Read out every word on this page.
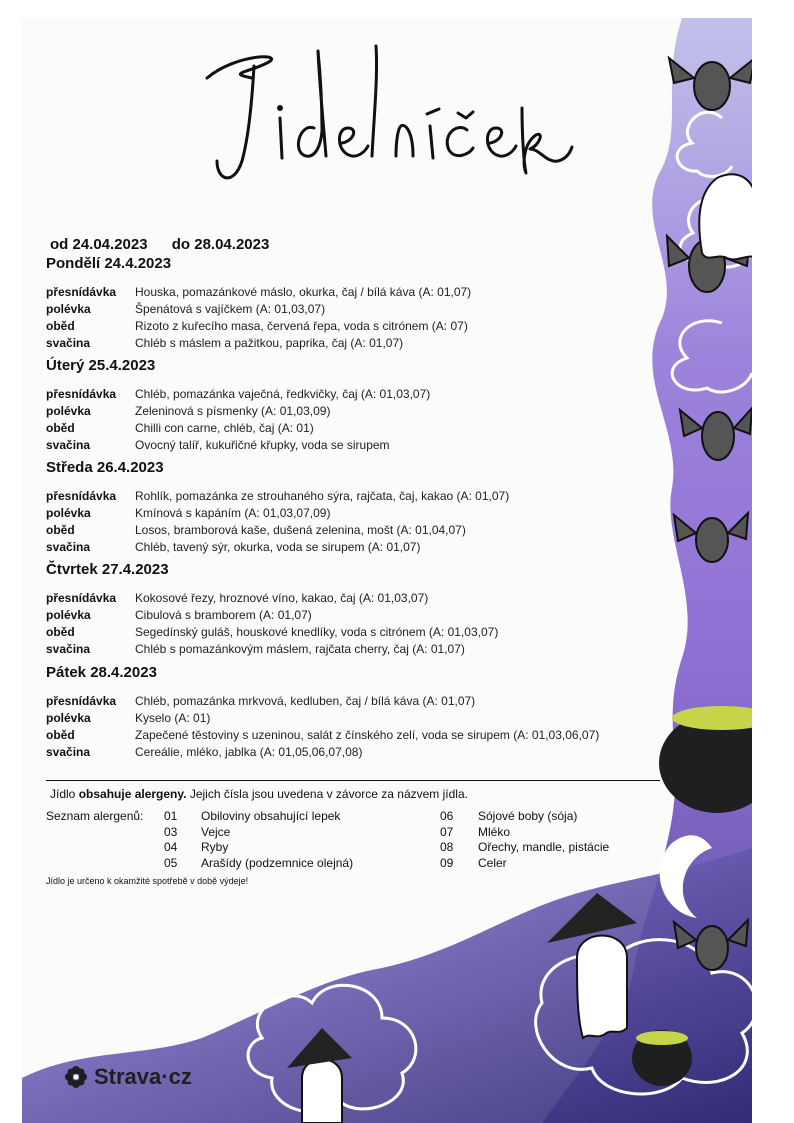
od 24.04.2023 do 28.04.2023
Pondělí 24.4.2023
přesnídávka	Houska, pomazánkové máslo, okurka, čaj / bílá káva (A: 01,07)
polévka	Špenátová s vajíčkem (A: 01,03,07)
oběd	Rizoto z kuřecího masa, červená řepa, voda s citrónem (A: 07)
svačina	Chléb s máslem a pažitkou, paprika, čaj (A: 01,07)
Úterý 25.4.2023
přesnídávka	Chléb, pomazánka vaječná, ředkvičky, čaj (A: 01,03,07)
polévka	Zeleninová s písmenky (A: 01,03,09)
oběd	Chilli con carne, chléb, čaj (A: 01)
svačina	Ovocný talíř, kukuřičné křupky, voda se sirupem
Středa 26.4.2023
přesnídávka	Rohlík, pomazánka ze strouhaného sýra, rajčata, čaj, kakao (A: 01,07)
polévka	Kmínová s kapáním (A: 01,03,07,09)
oběd	Losos, bramborová kaše, dušená zelenina, mošt (A: 01,04,07)
svačina	Chléb, tavený sýr, okurka, voda se sirupem (A: 01,07)
Čtvrtek 27.4.2023
přesnídávka	Kokosové řezy, hroznové víno, kakao, čaj (A: 01,03,07)
polévka	Cibulová s bramborem (A: 01,07)
oběd	Segedínský guláš, houskové knedlíky, voda s citrónem (A: 01,03,07)
svačina	Chléb s pomazánkovým máslem, rajčata cherry, čaj (A: 01,07)
Pátek 28.4.2023
přesnídávka	Chléb, pomazánka mrkvová, kedluben, čaj / bílá káva (A: 01,07)
polévka	Kyselo (A: 01)
oběd	Zapečené těstoviny s uzeninou, salát z čínského zelí, voda se sirupem (A: 01,03,06,07)
svačina	Cereálie, mléko, jablka (A: 01,05,06,07,08)
Jídlo obsahuje alergeny. Jejich čísla jsou uvedena v závorce za názvem jídla.
Seznam alergenů:	01	Obiloviny obsahující lepek
03	Vejce
04	Ryby
05	Arašídy (podzemnice olejná)
06	Sójové boby (sója)
07	Mléko
08	Ořechy, mandle, pistácie
09	Celer
Jídlo je určeno k okamžité spotřebě v době výdeje!
Strava·cz
